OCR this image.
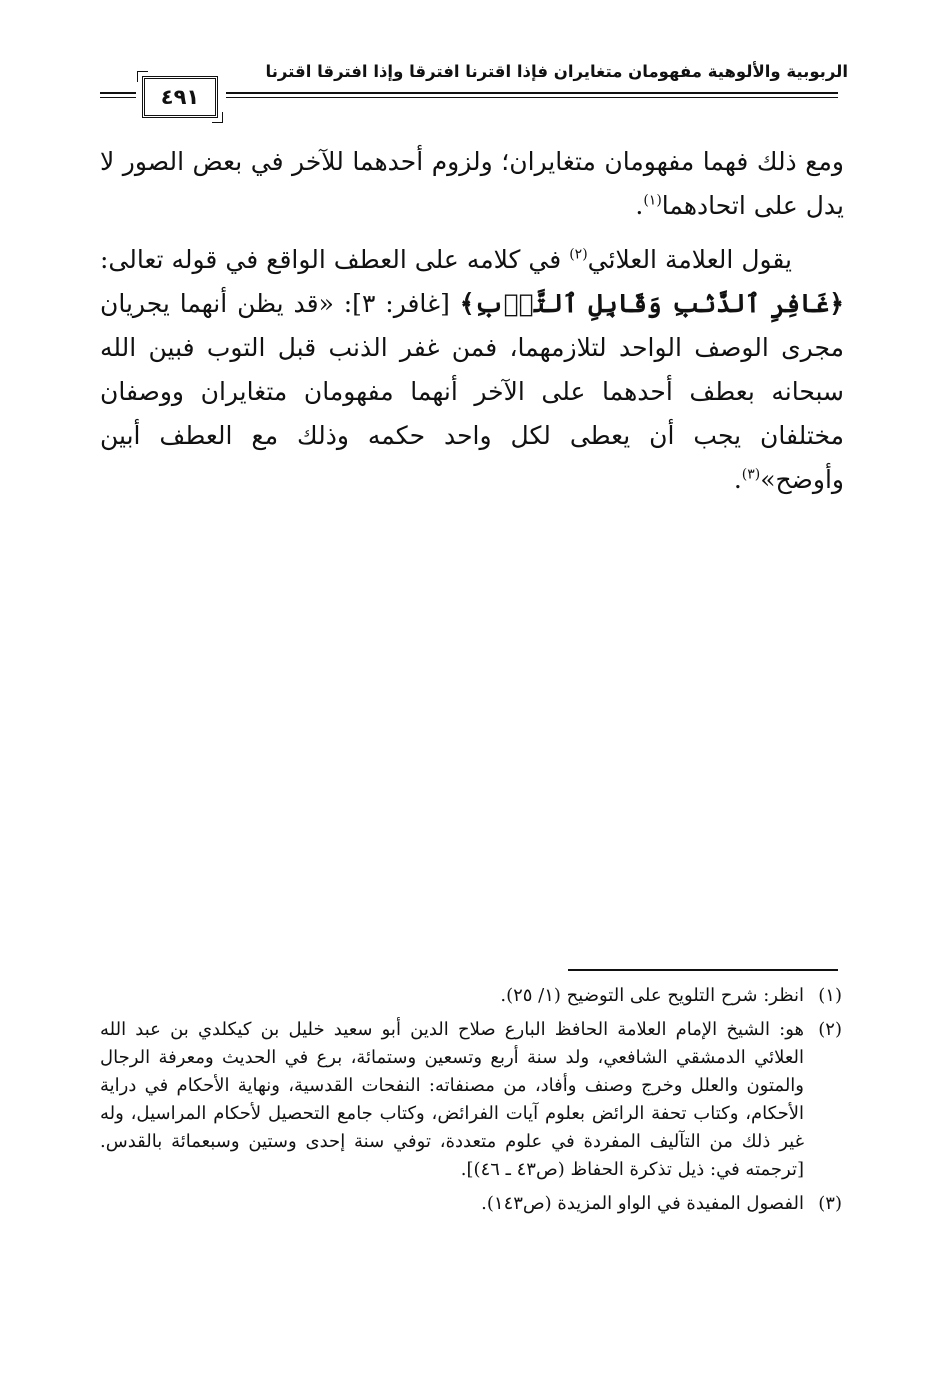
الربوبية والألوهية مفهومان متغايران فإذا اقترنا افترقا وإذا افترقا اقترنا
٤٩١

ومع ذلك فهما مفهومان متغايران؛ ولزوم أحدهما للآخر في بعض الصور لا يدل على اتحادهما$^{(١)}$.

يقول العلامة العلائي$^{(٢)}$ في كلامه على العطف الواقع في قوله تعالى: ﴿غَافِرِ ٱلذَّنۢبِ وَقَابِلِ ٱلتَّوۡبِ﴾ [غافر: ٣]: «قد يظن أنهما يجريان مجرى الوصف الواحد لتلازمهما، فمن غفر الذنب قبل التوب فبين الله سبحانه بعطف أحدهما على الآخر أنهما مفهومان متغايران ووصفان مختلفان يجب أن يعطى لكل واحد حكمه وذلك مع العطف أبين وأوضح»$^{(٣)}$.

(١)
انظر: شرح التلويح على التوضيح (١/ ٢٥).
(٢)
هو: الشيخ الإمام العلامة الحافظ البارع صلاح الدين أبو سعيد خليل بن كيكلدي بن عبد الله العلائي الدمشقي الشافعي، ولد سنة أربع وتسعين وستمائة، برع في الحديث ومعرفة الرجال والمتون والعلل وخرج وصنف وأفاد، من مصنفاته: النفحات القدسية، ونهاية الأحكام في دراية الأحكام، وكتاب تحفة الرائض بعلوم آيات الفرائض، وكتاب جامع التحصيل لأحكام المراسيل، وله غير ذلك من التآليف المفردة في علوم متعددة، توفي سنة إحدى وستين وسبعمائة بالقدس. [ترجمته في: ذيل تذكرة الحفاظ (ص٤٣ ـ ٤٦)].
(٣)
الفصول المفيدة في الواو المزيدة (ص١٤٣).
